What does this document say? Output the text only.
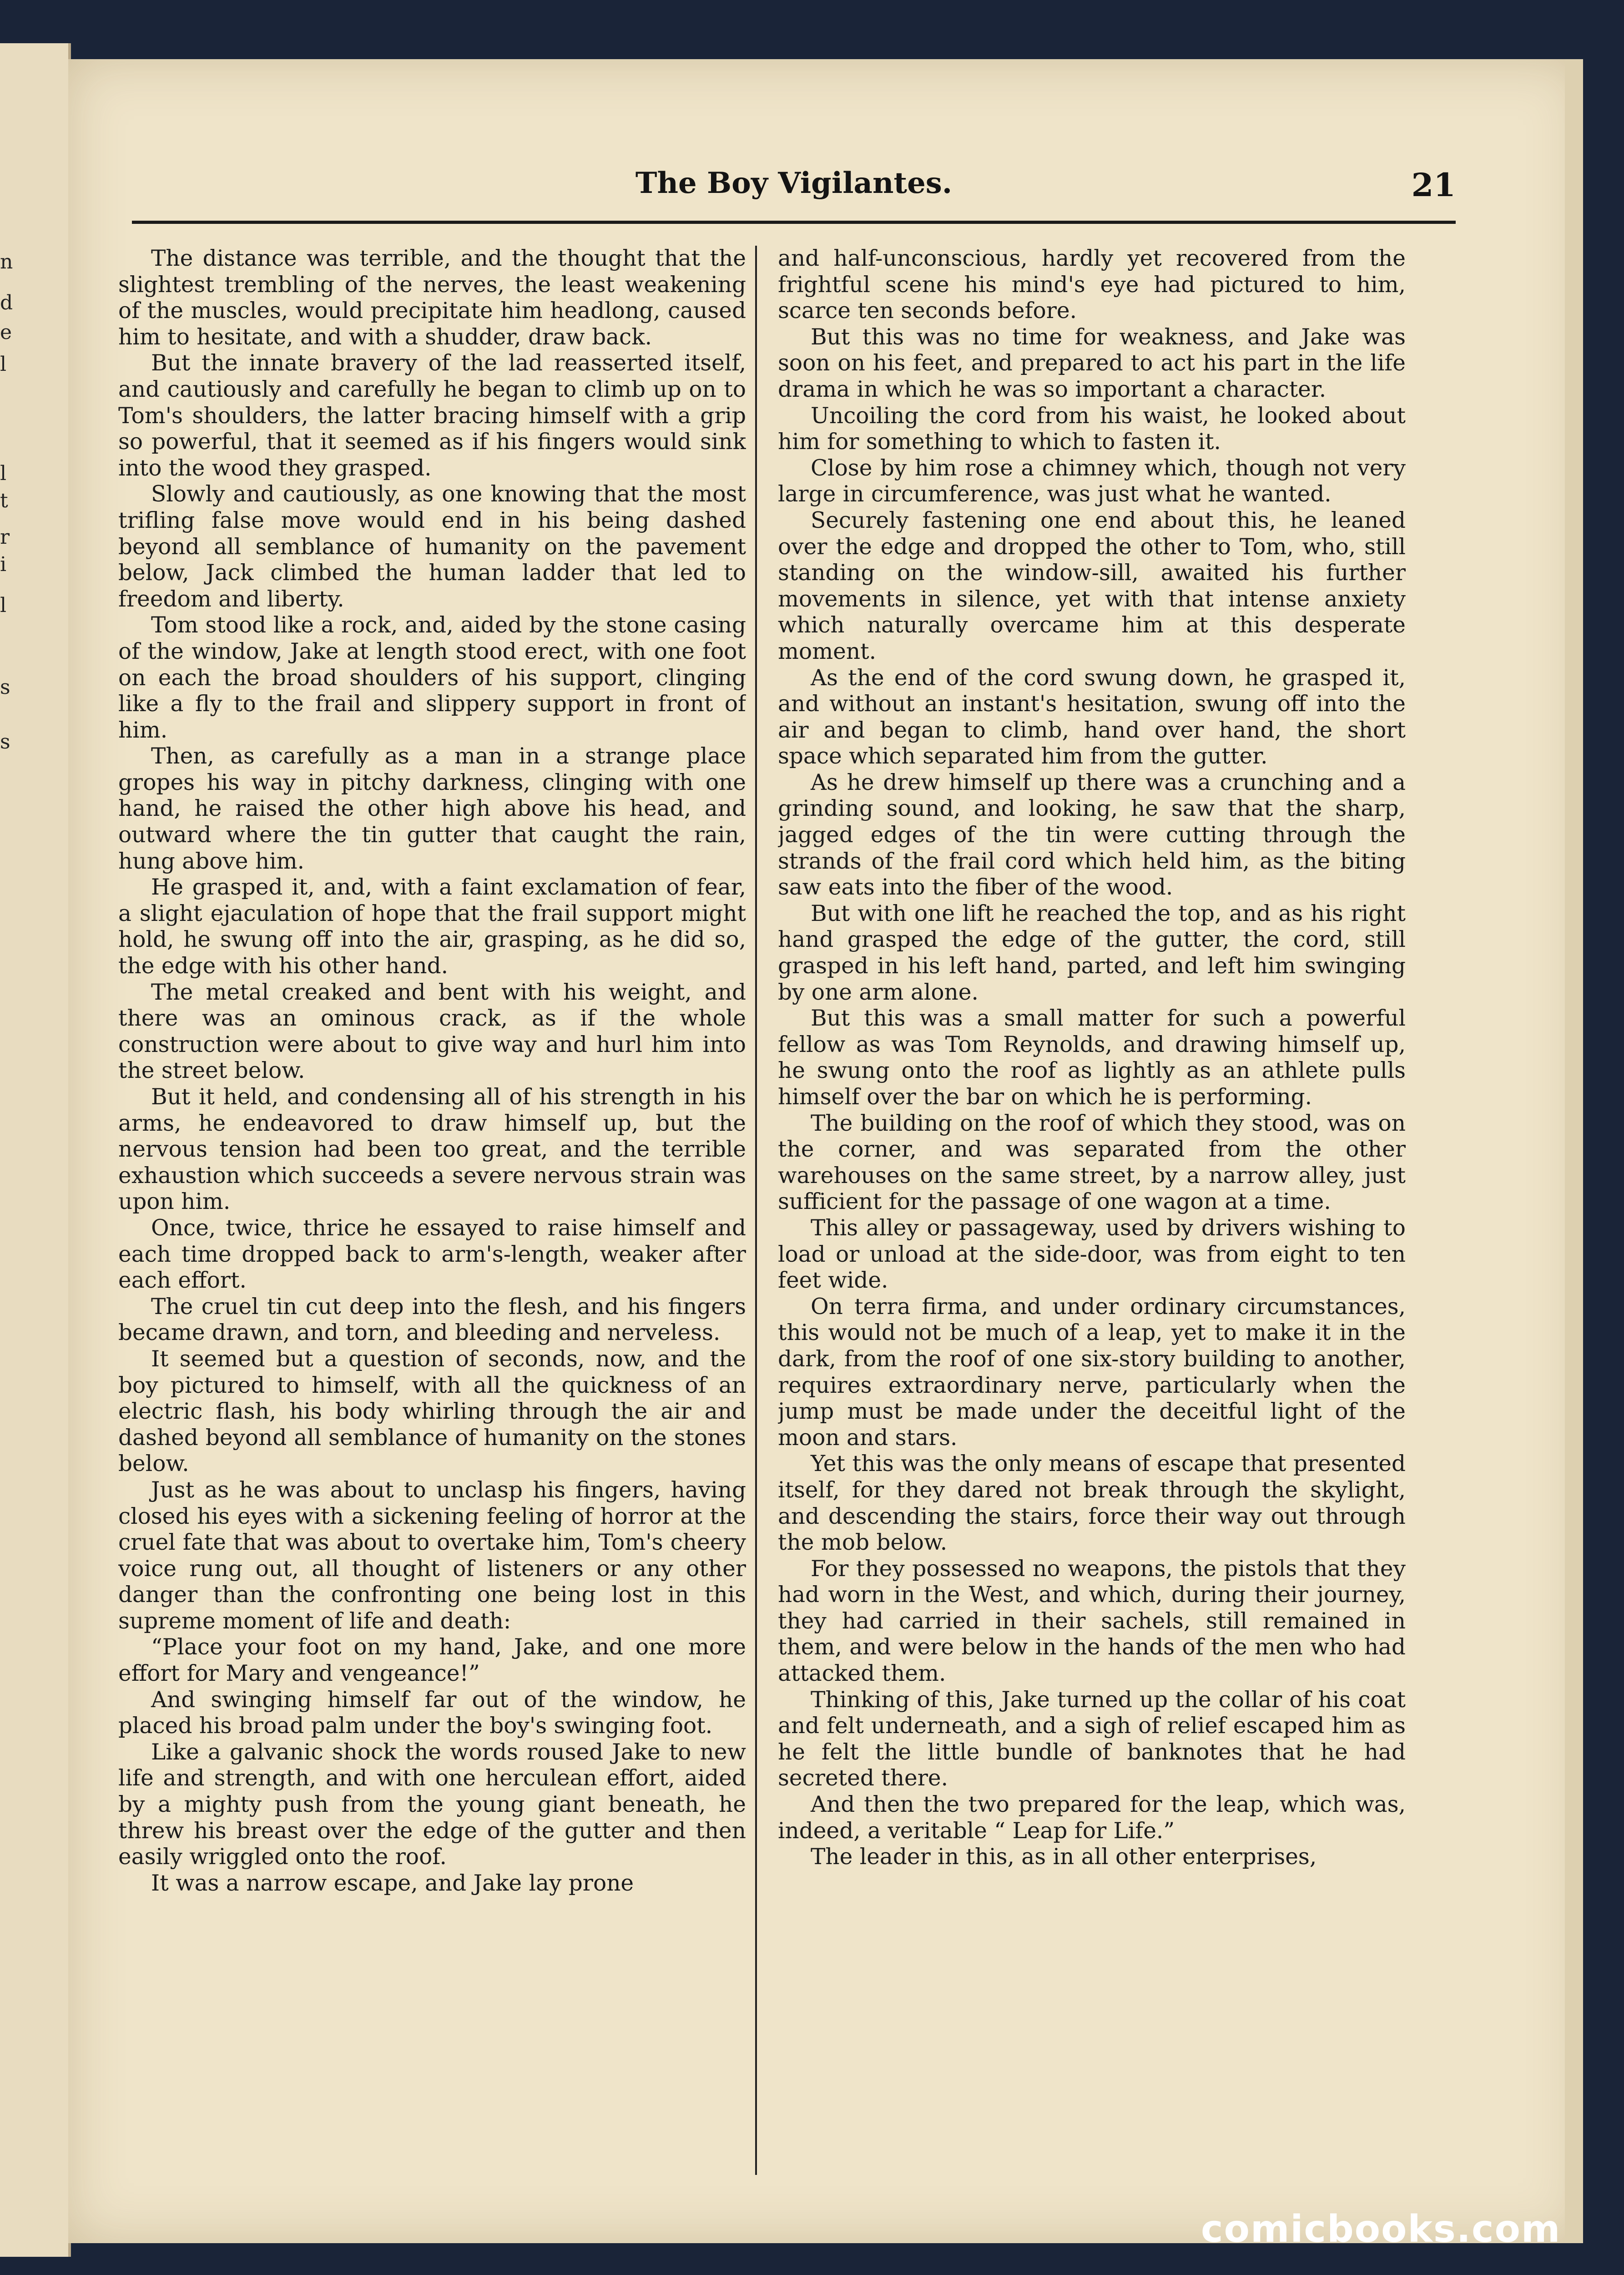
n
d
e
l
l
t
r
i
l
s
s
The Boy Vigilantes.	21

The distance was terrible, and the thought that the slightest trembling of the nerves, the least weakening of the muscles, would precipitate him headlong, caused him to hesitate, and with a shudder, draw back.

But the innate bravery of the lad reasserted itself, and cautiously and carefully he began to climb up on to Tom's shoulders, the latter bracing himself with a grip so powerful, that it seemed as if his fingers would sink into the wood they grasped.

Slowly and cautiously, as one knowing that the most trifling false move would end in his being dashed beyond all semblance of humanity on the pavement below, Jack climbed the human ladder that led to freedom and liberty.

Tom stood like a rock, and, aided by the stone casing of the window, Jake at length stood erect, with one foot on each the broad shoulders of his support, clinging like a fly to the frail and slippery support in front of him.

Then, as carefully as a man in a strange place gropes his way in pitchy darkness, clinging with one hand, he raised the other high above his head, and outward where the tin gutter that caught the rain, hung above him.

He grasped it, and, with a faint exclamation of fear, a slight ejaculation of hope that the frail support might hold, he swung off into the air, grasping, as he did so, the edge with his other hand.

The metal creaked and bent with his weight, and there was an ominous crack, as if the whole construction were about to give way and hurl him into the street below.

But it held, and condensing all of his strength in his arms, he endeavored to draw himself up, but the nervous tension had been too great, and the terrible exhaustion which succeeds a severe nervous strain was upon him.

Once, twice, thrice he essayed to raise himself and each time dropped back to arm's-length, weaker after each effort.

The cruel tin cut deep into the flesh, and his fingers became drawn, and torn, and bleeding and nerveless.

It seemed but a question of seconds, now, and the boy pictured to himself, with all the quickness of an electric flash, his body whirling through the air and dashed beyond all semblance of humanity on the stones below.

Just as he was about to unclasp his fingers, having closed his eyes with a sickening feeling of horror at the cruel fate that was about to overtake him, Tom's cheery voice rung out, all thought of listeners or any other danger than the confronting one being lost in this supreme moment of life and death:

“Place your foot on my hand, Jake, and one more effort for Mary and vengeance!”

And swinging himself far out of the window, he placed his broad palm under the boy's swinging foot.

Like a galvanic shock the words roused Jake to new life and strength, and with one herculean effort, aided by a mighty push from the young giant beneath, he threw his breast over the edge of the gutter and then easily wriggled onto the roof.

It was a narrow escape, and Jake lay prone

and half-unconscious, hardly yet recovered from the frightful scene his mind's eye had pictured to him, scarce ten seconds before.

But this was no time for weakness, and Jake was soon on his feet, and prepared to act his part in the life drama in which he was so important a character.

Uncoiling the cord from his waist, he looked about him for something to which to fasten it.

Close by him rose a chimney which, though not very large in circumference, was just what he wanted.

Securely fastening one end about this, he leaned over the edge and dropped the other to Tom, who, still standing on the window-sill, awaited his further movements in silence, yet with that intense anxiety which naturally overcame him at this desperate moment.

As the end of the cord swung down, he grasped it, and without an instant's hesitation, swung off into the air and began to climb, hand over hand, the short space which separated him from the gutter.

As he drew himself up there was a crunching and a grinding sound, and looking, he saw that the sharp, jagged edges of the tin were cutting through the strands of the frail cord which held him, as the biting saw eats into the fiber of the wood.

But with one lift he reached the top, and as his right hand grasped the edge of the gutter, the cord, still grasped in his left hand, parted, and left him swinging by one arm alone.

But this was a small matter for such a powerful fellow as was Tom Reynolds, and drawing himself up, he swung onto the roof as lightly as an athlete pulls himself over the bar on which he is performing.

The building on the roof of which they stood, was on the corner, and was separated from the other warehouses on the same street, by a narrow alley, just sufficient for the passage of one wagon at a time.

This alley or passageway, used by drivers wishing to load or unload at the side-door, was from eight to ten feet wide.

On terra firma, and under ordinary circumstances, this would not be much of a leap, yet to make it in the dark, from the roof of one six-story building to another, requires extraordinary nerve, particularly when the jump must be made under the deceitful light of the moon and stars.

Yet this was the only means of escape that presented itself, for they dared not break through the skylight, and descending the stairs, force their way out through the mob below.

For they possessed no weapons, the pistols that they had worn in the West, and which, during their journey, they had carried in their sachels, still remained in them, and were below in the hands of the men who had attacked them.

Thinking of this, Jake turned up the collar of his coat and felt underneath, and a sigh of relief escaped him as he felt the little bundle of banknotes that he had secreted there.

And then the two prepared for the leap, which was, indeed, a veritable “ Leap for Life.”

The leader in this, as in all other enterprises,

comicbooks.com
